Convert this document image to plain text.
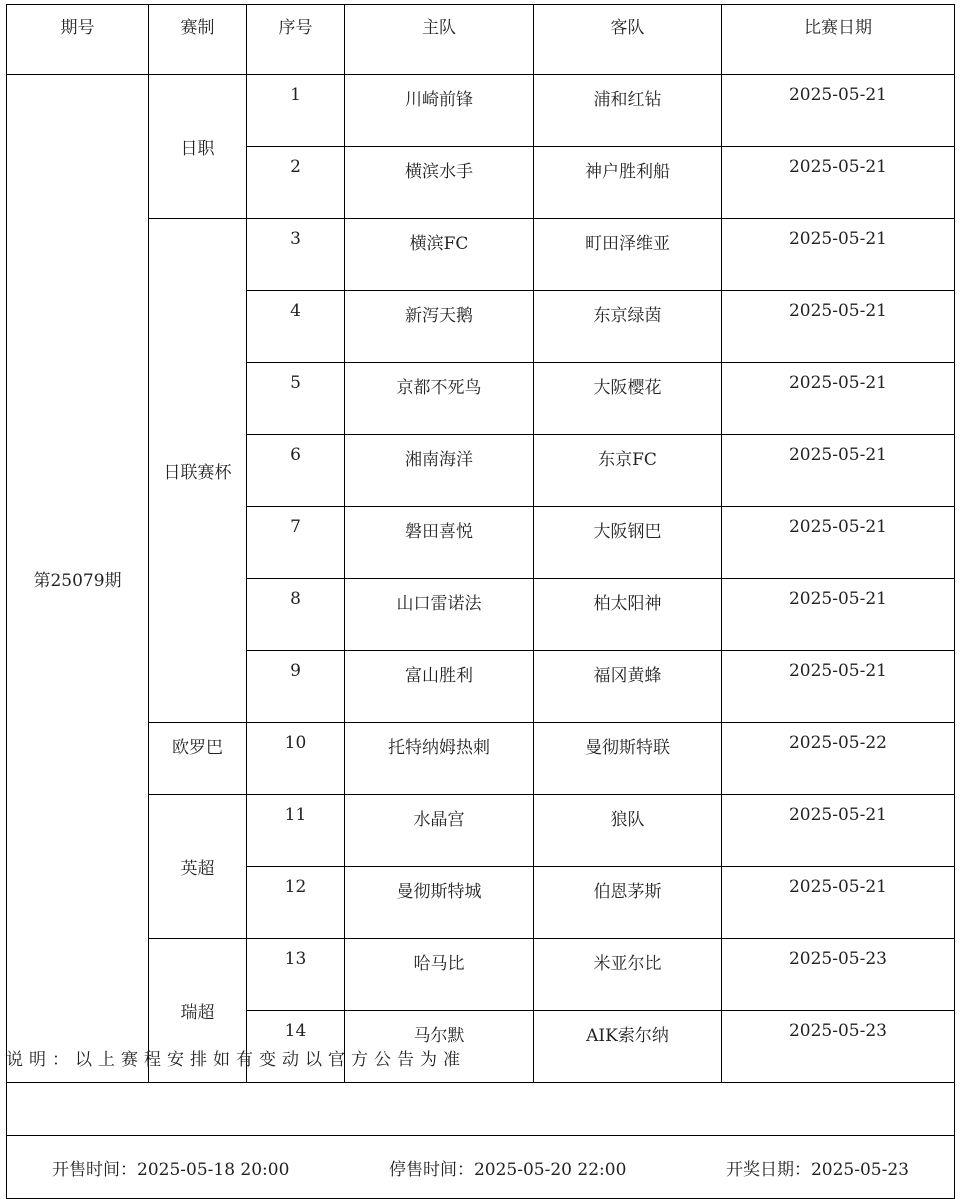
期号	赛制	序号	主队	客队	比赛日期
第25079期	日职	1	川崎前锋	浦和红钻	2025-05-21
		2	横滨水手	神户胜利船	2025-05-21
	日联赛杯	3	横滨FC	町田泽维亚	2025-05-21
		4	新泻天鹅	东京绿茵	2025-05-21
		5	京都不死鸟	大阪樱花	2025-05-21
		6	湘南海洋	东京FC	2025-05-21
		7	磐田喜悦	大阪钢巴	2025-05-21
		8	山口雷诺法	柏太阳神	2025-05-21
		9	富山胜利	福冈黄蜂	2025-05-21
	欧罗巴	10	托特纳姆热刺	曼彻斯特联	2025-05-22
	英超	11	水晶宫	狼队	2025-05-21
		12	曼彻斯特城	伯恩茅斯	2025-05-21
	瑞超	13	哈马比	米亚尔比	2025-05-23
		14	马尔默	AIK索尔纳	2025-05-23

开售时间：2025-05-18 20:00 停售时间：2025-05-20 22:00 开奖日期：2025-05-23					
说明：以上赛程安排如有变动以官方公告为准
